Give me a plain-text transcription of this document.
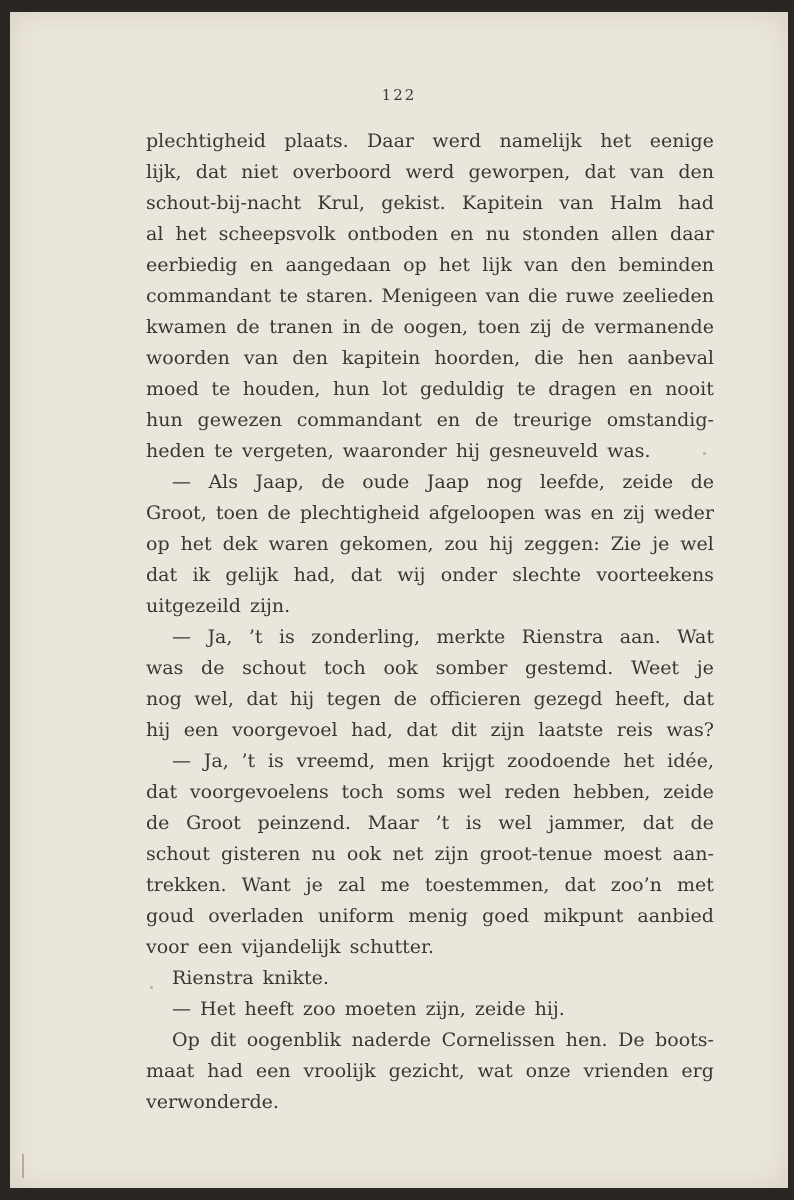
122
plechtigheid plaats. Daar werd namelijk het eenige
lijk, dat niet overboord werd geworpen, dat van den
schout-bij-nacht Krul, gekist. Kapitein van Halm had
al het scheepsvolk ontboden en nu stonden allen daar
eerbiedig en aangedaan op het lijk van den beminden
commandant te staren. Menigeen van die ruwe zeelieden
kwamen de tranen in de oogen, toen zij de vermanende
woorden van den kapitein hoorden, die hen aanbeval
moed te houden, hun lot geduldig te dragen en nooit
hun gewezen commandant en de treurige omstandig-
heden te vergeten, waaronder hij gesneuveld was.
— Als Jaap, de oude Jaap nog leefde, zeide de
Groot, toen de plechtigheid afgeloopen was en zij weder
op het dek waren gekomen, zou hij zeggen: Zie je wel
dat ik gelijk had, dat wij onder slechte voorteekens
uitgezeild zijn.
— Ja, ’t is zonderling, merkte Rienstra aan. Wat
was de schout toch ook somber gestemd. Weet je
nog wel, dat hij tegen de officieren gezegd heeft, dat
hij een voorgevoel had, dat dit zijn laatste reis was?
— Ja, ’t is vreemd, men krijgt zoodoende het idée,
dat voorgevoelens toch soms wel reden hebben, zeide
de Groot peinzend. Maar ’t is wel jammer, dat de
schout gisteren nu ook net zijn groot-tenue moest aan-
trekken. Want je zal me toestemmen, dat zoo’n met
goud overladen uniform menig goed mikpunt aanbied
voor een vijandelijk schutter.
Rienstra knikte.
— Het heeft zoo moeten zijn, zeide hij.
Op dit oogenblik naderde Cornelissen hen. De boots-
maat had een vroolijk gezicht, wat onze vrienden erg
verwonderde.
